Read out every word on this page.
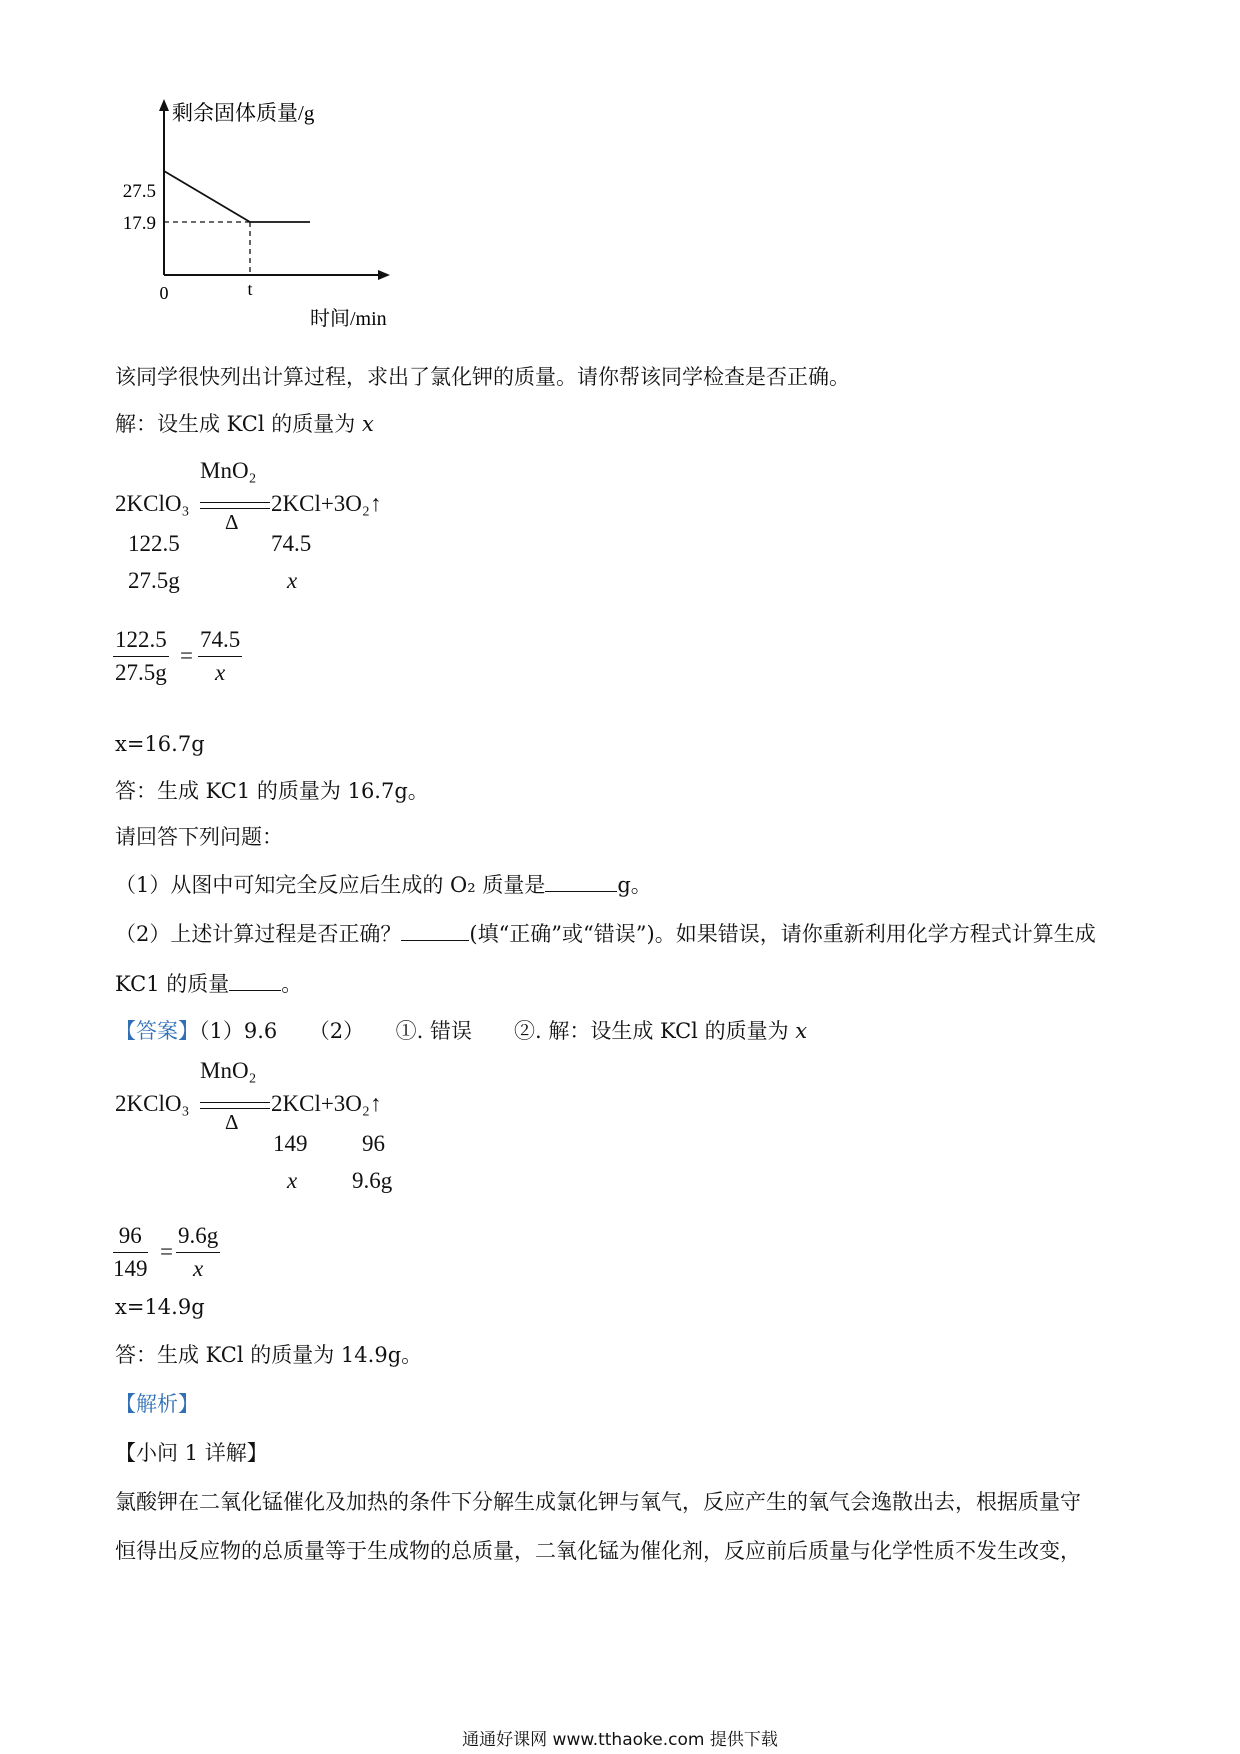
27.5
17.9
0	t
剩余固体质量/g
时间/min
该同学很快列出计算过程，求出了氯化钾的质量。请你帮该同学检查是否正确。
解：设生成 KCl 的质量为 x
MnO₂
2KClO₃
Δ
2KCl+3O₂↑
122.5	74.5
27.5g	x
$\frac{122.5}{27.5g} = \frac{74.5}{x}$
x=16.7g
答：生成 KC1 的质量为 16.7g。
请回答下列问题：
（1）从图中可知完全反应后生成的 O₂ 质量是	g。
（2）上述计算过程是否正确？	(填“正确”或“错误”)。如果错误，请你重新利用化学方程式计算生成
KC1 的质量 。
【答案】（1）9.6　　（2）　　①. 错误　　②. 解：设生成 KCl 的质量为 x
MnO₂
2KClO₃
Δ
2KCl+3O₂↑
149 96
x 9.6g
$\frac{96}{149} = \frac{9.6g}{x}$
x=14.9g
答：生成 KCl 的质量为 14.9g。
【解析】
【小问 1 详解】
氯酸钾在二氧化锰催化及加热的条件下分解生成氯化钾与氧气，反应产生的氧气会逸散出去，根据质量守
恒得出反应物的总质量等于生成物的总质量，二氧化锰为催化剂，反应前后质量与化学性质不发生改变，
通通好课网 www.tthaoke.com 提供下载
